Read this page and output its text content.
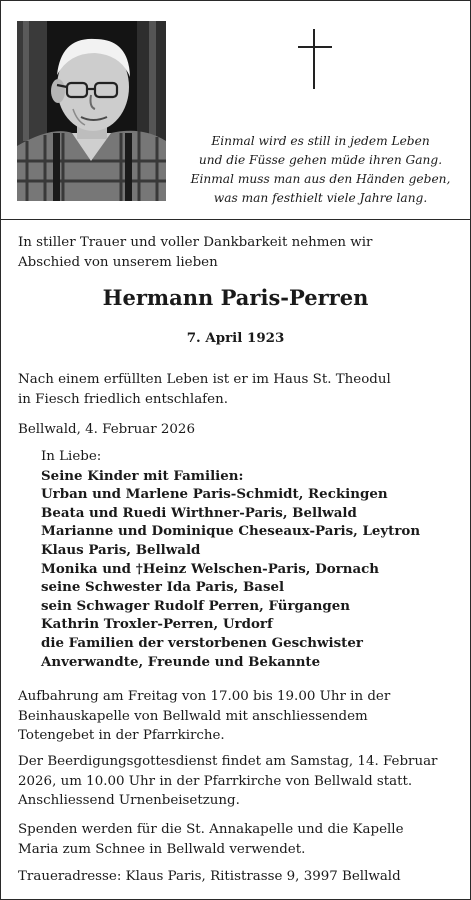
Einmal wird es still in jedem Leben
und die Füsse gehen müde ihren Gang.
Einmal muss man aus den Händen geben,
was man festhielt viele Jahre lang.
In stiller Trauer und voller Dankbarkeit nehmen wir
Abschied von unserem lieben
Hermann Paris-Perren
7. April 1923
Nach einem erfüllten Leben ist er im Haus St. Theodul
in Fiesch friedlich entschlafen.
Bellwald, 4. Februar 2026
In Liebe:
Seine Kinder mit Familien:
Urban und Marlene Paris-Schmidt, Reckingen
Beata und Ruedi Wirthner-Paris, Bellwald
Marianne und Dominique Cheseaux-Paris, Leytron
Klaus Paris, Bellwald
Monika und †Heinz Welschen-Paris, Dornach
seine Schwester Ida Paris, Basel
sein Schwager Rudolf Perren, Fürgangen
Kathrin Troxler-Perren, Urdorf
die Familien der verstorbenen Geschwister
Anverwandte, Freunde und Bekannte
Aufbahrung am Freitag von 17.00 bis 19.00 Uhr in der
Beinhauskapelle von Bellwald mit anschliessendem
Totengebet in der Pfarrkirche.
Der Beerdigungsgottesdienst findet am Samstag, 14. Februar
2026, um 10.00 Uhr in der Pfarrkirche von Bellwald statt.
Anschliessend Urnenbeisetzung.
Spenden werden für die St. Annakapelle und die Kapelle
Maria zum Schnee in Bellwald verwendet.
Traueradresse: Klaus Paris, Ritistrasse 9, 3997 Bellwald
